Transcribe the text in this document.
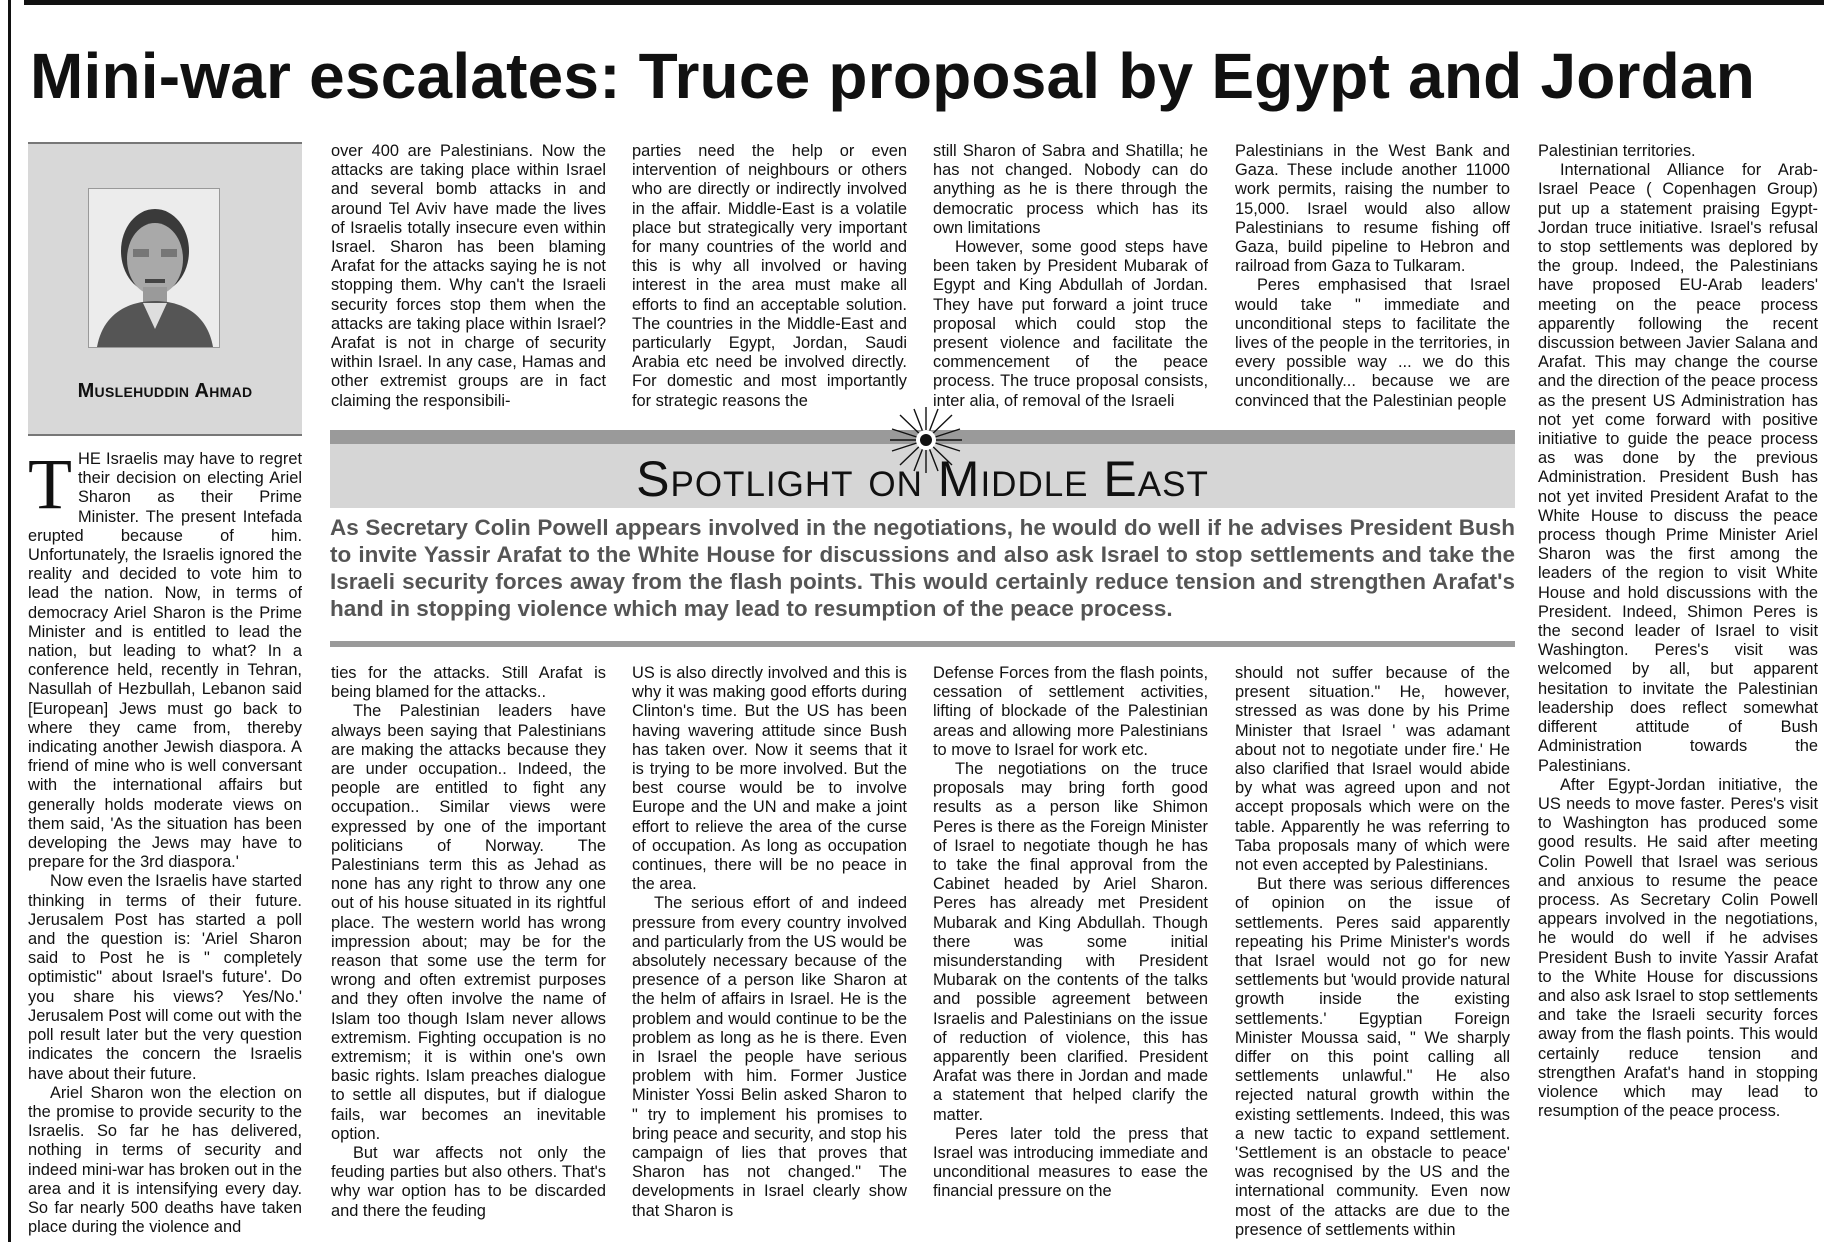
Mini-war escalates: Truce proposal by Egypt and Jordan
Muslehuddin Ahmad

THE Israelis may have to regret their decision on electing Ariel Sharon as their Prime Minister. The present Intefada erupted because of him. Unfortunately, the Israelis ignored the reality and decided to vote him to lead the nation. Now, in terms of democracy Ariel Sharon is the Prime Minister and is entitled to lead the nation, but leading to what? In a conference held, recently in Tehran, Nasullah of Hezbullah, Lebanon said [European] Jews must go back to where they came from, thereby indicating another Jewish diaspora. A friend of mine who is well conversant with the international affairs but generally holds moderate views on them said, 'As the situation has been developing the Jews may have to prepare for the 3rd diaspora.'

Now even the Israelis have started thinking in terms of their future. Jerusalem Post has started a poll and the question is: 'Ariel Sharon said to Post he is " completely optimistic" about Israel's future'. Do you share his views? Yes/No.' Jerusalem Post will come out with the poll result later but the very question indicates the concern the Israelis have about their future.

Ariel Sharon won the election on the promise to provide security to the Israelis. So far he has delivered, nothing in terms of security and indeed mini-war has broken out in the area and it is intensifying every day. So far nearly 500 deaths have taken place during the violence and

over 400 are Palestinians. Now the attacks are taking place within Israel and several bomb attacks in and around Tel Aviv have made the lives of Israelis totally insecure even within Israel. Sharon has been blaming Arafat for the attacks saying he is not stopping them. Why can't the Israeli security forces stop them when the attacks are taking place within Israel? Arafat is not in charge of security within Israel. In any case, Hamas and other extremist groups are in fact claiming the responsibili-

parties need the help or even intervention of neighbours or others who are directly or indirectly involved in the affair. Middle-East is a volatile place but strategically very important for many countries of the world and this is why all involved or having interest in the area must make all efforts to find an acceptable solution. The countries in the Middle-East and particularly Egypt, Jordan, Saudi Arabia etc need be involved directly. For domestic and most importantly for strategic reasons the

still Sharon of Sabra and Shatilla; he has not changed. Nobody can do anything as he is there through the democratic process which has its own limitations

However, some good steps have been taken by President Mubarak of Egypt and King Abdullah of Jordan. They have put forward a joint truce proposal which could stop the present violence and facilitate the commencement of the peace process. The truce proposal consists, inter alia, of removal of the Israeli

Palestinians in the West Bank and Gaza. These include another 11000 work permits, raising the number to 15,000. Israel would also allow Palestinians to resume fishing off Gaza, build pipeline to Hebron and railroad from Gaza to Tulkaram.

Peres emphasised that Israel would take " immediate and unconditional steps to facilitate the lives of the people in the territories, in every possible way ... we do this unconditionally... because we are convinced that the Palestinian people

Spotlight on Middle East
As Secretary Colin Powell appears involved in the negotiations, he would do well if he advises President Bush to invite Yassir Arafat to the White House for discussions and also ask Israel to stop settlements and take the Israeli security forces away from the flash points. This would certainly reduce tension and strengthen Arafat's hand in stopping violence which may lead to resumption of the peace process.

ties for the attacks. Still Arafat is being blamed for the attacks..

The Palestinian leaders have always been saying that Palestinians are making the attacks because they are under occupation.. Indeed, the people are entitled to fight any occupation.. Similar views were expressed by one of the important politicians of Norway. The Palestinians term this as Jehad as none has any right to throw any one out of his house situated in its rightful place. The western world has wrong impression about; may be for the reason that some use the term for wrong and often extremist purposes and they often involve the name of Islam too though Islam never allows extremism. Fighting occupation is no extremism; it is within one's own basic rights. Islam preaches dialogue to settle all disputes, but if dialogue fails, war becomes an inevitable option.

But war affects not only the feuding parties but also others. That's why war option has to be discarded and there the feuding

US is also directly involved and this is why it was making good efforts during Clinton's time. But the US has been having wavering attitude since Bush has taken over. Now it seems that it is trying to be more involved. But the best course would be to involve Europe and the UN and make a joint effort to relieve the area of the curse of occupation. As long as occupation continues, there will be no peace in the area.

The serious effort of and indeed pressure from every country involved and particularly from the US would be absolutely necessary because of the presence of a person like Sharon at the helm of affairs in Israel. He is the problem and would continue to be the problem as long as he is there. Even in Israel the people have serious problem with him. Former Justice Minister Yossi Belin asked Sharon to " try to implement his promises to bring peace and security, and stop his campaign of lies that proves that Sharon has not changed." The developments in Israel clearly show that Sharon is

Defense Forces from the flash points, cessation of settlement activities, lifting of blockade of the Palestinian areas and allowing more Palestinians to move to Israel for work etc.

The negotiations on the truce proposals may bring forth good results as a person like Shimon Peres is there as the Foreign Minister of Israel to negotiate though he has to take the final approval from the Cabinet headed by Ariel Sharon. Peres has already met President Mubarak and King Abdullah. Though there was some initial misunderstanding with President Mubarak on the contents of the talks and possible agreement between Israelis and Palestinians on the issue of reduction of violence, this has apparently been clarified. President Arafat was there in Jordan and made a statement that helped clarify the matter.

Peres later told the press that Israel was introducing immediate and unconditional measures to ease the financial pressure on the

should not suffer because of the present situation." He, however, stressed as was done by his Prime Minister that Israel ' was adamant about not to negotiate under fire.' He also clarified that Israel would abide by what was agreed upon and not accept proposals which were on the table. Apparently he was referring to Taba proposals many of which were not even accepted by Palestinians.

But there was serious differences of opinion on the issue of settlements. Peres said apparently repeating his Prime Minister's words that Israel would not go for new settlements but 'would provide natural growth inside the existing settlements.' Egyptian Foreign Minister Moussa said, " We sharply differ on this point calling all settlements unlawful." He also rejected natural growth within the existing settlements. Indeed, this was a new tactic to expand settlement. 'Settlement is an obstacle to peace' was recognised by the US and the international community. Even now most of the attacks are due to the presence of settlements within

Palestinian territories.

International Alliance for Arab-Israel Peace ( Copenhagen Group) put up a statement praising Egypt-Jordan truce initiative. Israel's refusal to stop settlements was deplored by the group. Indeed, the Palestinians have proposed EU-Arab leaders' meeting on the peace process apparently following the recent discussion between Javier Salana and Arafat. This may change the course and the direction of the peace process as the present US Administration has not yet come forward with positive initiative to guide the peace process as was done by the previous Administration. President Bush has not yet invited President Arafat to the White House to discuss the peace process though Prime Minister Ariel Sharon was the first among the leaders of the region to visit White House and hold discussions with the President. Indeed, Shimon Peres is the second leader of Israel to visit Washington. Peres's visit was welcomed by all, but apparent hesitation to invitate the Palestinian leadership does reflect somewhat different attitude of Bush Administration towards the Palestinians.

After Egypt-Jordan initiative, the US needs to move faster. Peres's visit to Washington has produced some good results. He said after meeting Colin Powell that Israel was serious and anxious to resume the peace process. As Secretary Colin Powell appears involved in the negotiations, he would do well if he advises President Bush to invite Yassir Arafat to the White House for discussions and also ask Israel to stop settlements and take the Israeli security forces away from the flash points. This would certainly reduce tension and strengthen Arafat's hand in stopping violence which may lead to resumption of the peace process.
